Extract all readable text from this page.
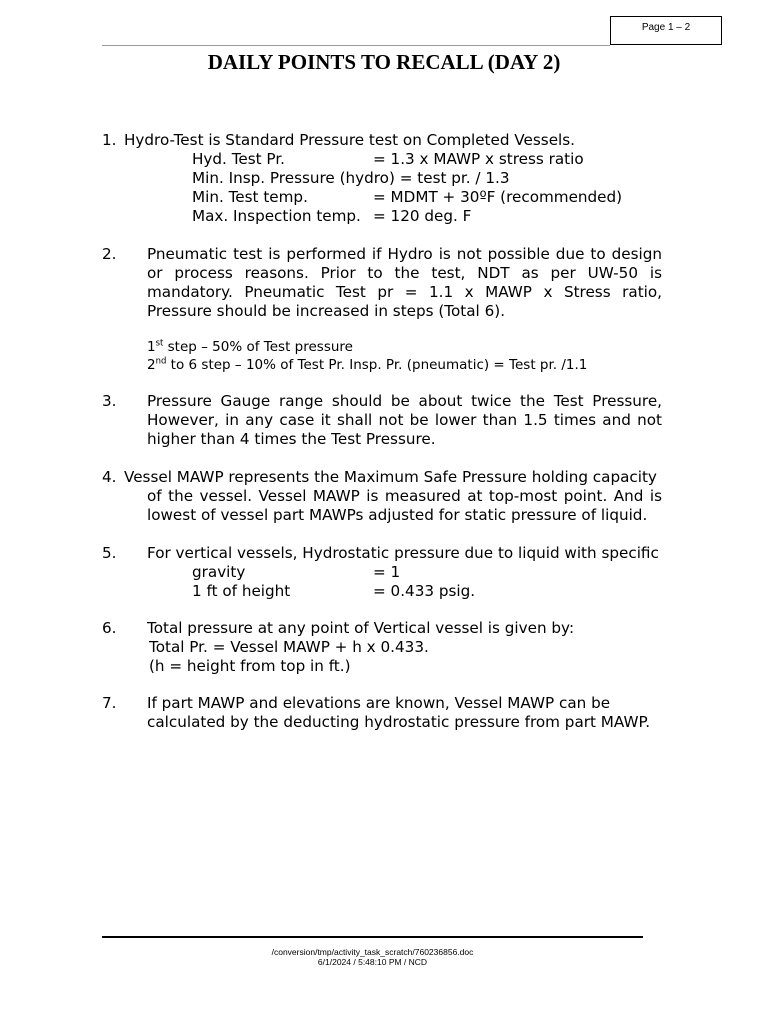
Page 1 – 2
DAILY POINTS TO RECALL (DAY 2)
1. Hydro-Test is Standard Pressure test on Completed Vessels.
Hyd. Test Pr.	= 1.3 x MAWP x stress ratio
Min. Insp. Pressure (hydro) = test pr. / 1.3
Min. Test temp.	= MDMT + 30ºF (recommended)
Max. Inspection temp. = 120 deg. F
2. Pneumatic test is performed if Hydro is not possible due to design or process reasons. Prior to the test, NDT as per UW-50 is mandatory. Pneumatic Test pr = 1.1 x MAWP x Stress ratio, Pressure should be increased in steps (Total 6).
1st step – 50% of Test pressure
2nd to 6 step – 10% of Test Pr. Insp. Pr. (pneumatic) = Test pr. /1.1
3. Pressure Gauge range should be about twice the Test Pressure, However, in any case it shall not be lower than 1.5 times and not higher than 4 times the Test Pressure.
4. Vessel MAWP represents the Maximum Safe Pressure holding capacity
of the vessel. Vessel MAWP is measured at top-most point. And is lowest of vessel part MAWPs adjusted for static pressure of liquid.
5. For vertical vessels, Hydrostatic pressure due to liquid with specific
gravity	= 1
1 ft of height	= 0.433 psig.
6. Total pressure at any point of Vertical vessel is given by:
Total Pr. = Vessel MAWP + h x 0.433.
(h = height from top in ft.)
7. If part MAWP and elevations are known, Vessel MAWP can be
calculated by the deducting hydrostatic pressure from part MAWP.
/conversion/tmp/activity_task_scratch/760236856.doc
6/1/2024 / 5:48:10 PM / NCD
